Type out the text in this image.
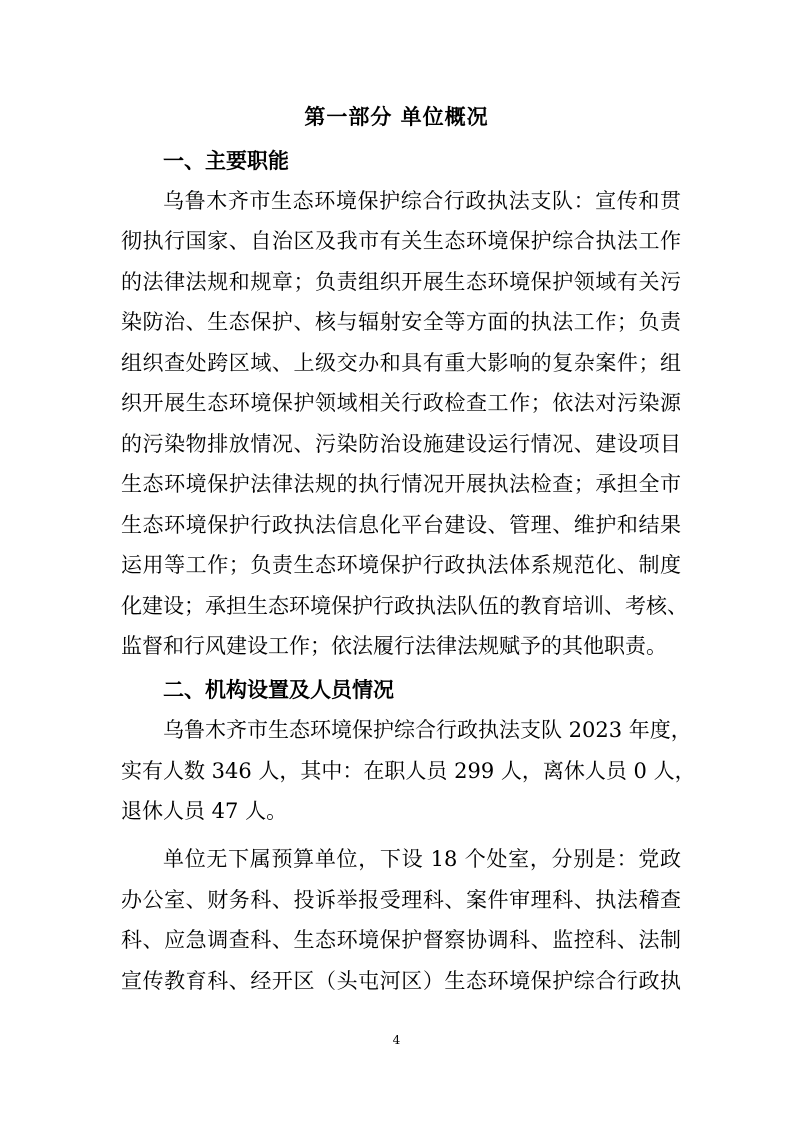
第一部分 单位概况
一、主要职能
乌鲁木齐市生态环境保护综合行政执法支队：宣传和贯
彻执行国家、自治区及我市有关生态环境保护综合执法工作
的法律法规和规章；负责组织开展生态环境保护领域有关污
染防治、生态保护、核与辐射安全等方面的执法工作；负责
组织查处跨区域、上级交办和具有重大影响的复杂案件；组
织开展生态环境保护领域相关行政检查工作；依法对污染源
的污染物排放情况、污染防治设施建设运行情况、建设项目
生态环境保护法律法规的执行情况开展执法检查；承担全市
生态环境保护行政执法信息化平台建设、管理、维护和结果
运用等工作；负责生态环境保护行政执法体系规范化、制度
化建设；承担生态环境保护行政执法队伍的教育培训、考核、
监督和行风建设工作；依法履行法律法规赋予的其他职责。
二、机构设置及人员情况
乌鲁木齐市生态环境保护综合行政执法支队 2023 年度，
实有人数 346 人，其中：在职人员 299 人，离休人员 0 人，
退休人员 47 人。
单位无下属预算单位，下设 18 个处室，分别是：党政
办公室、财务科、投诉举报受理科、案件审理科、执法稽查
科、应急调查科、生态环境保护督察协调科、监控科、法制
宣传教育科、经开区（头屯河区）生态环境保护综合行政执
4
